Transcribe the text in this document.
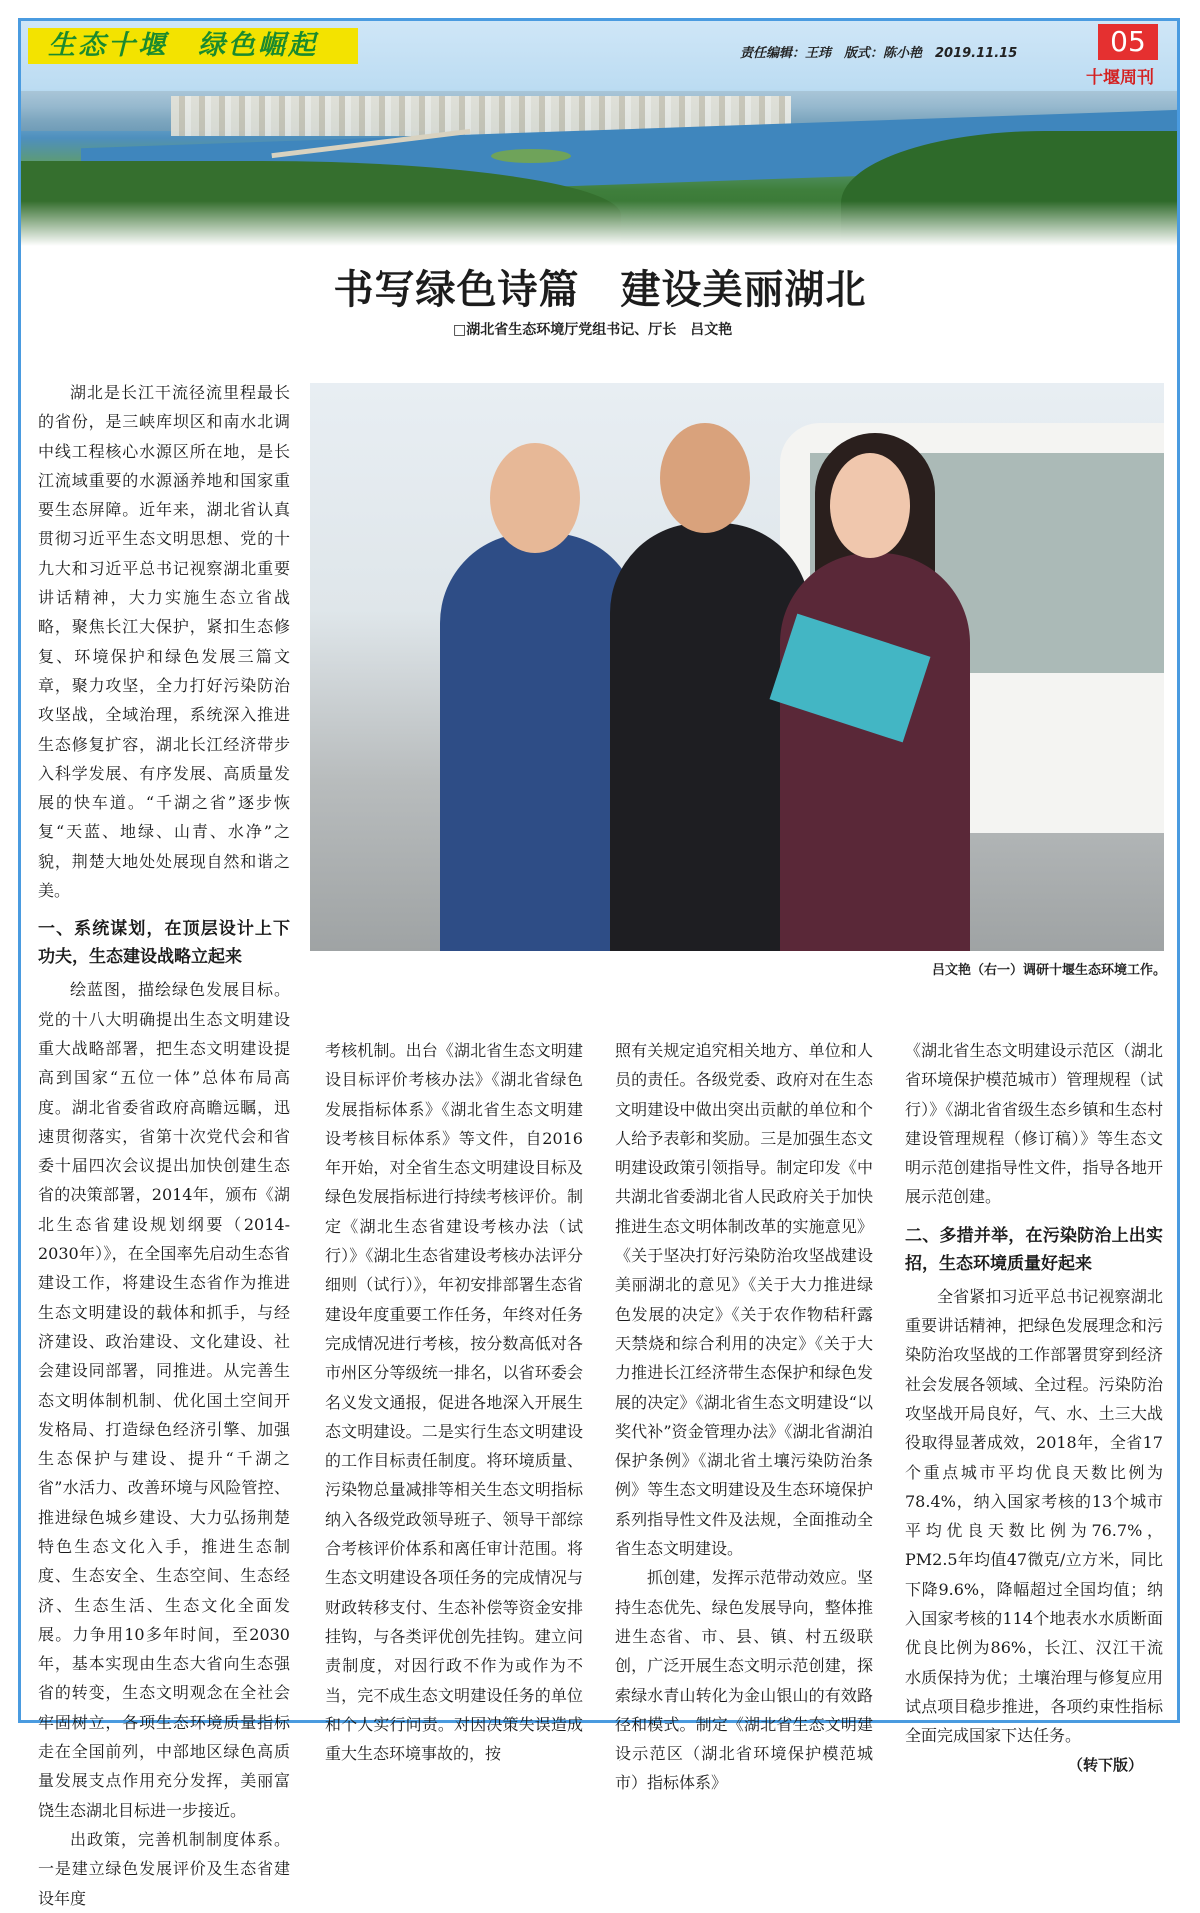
生态十堰　绿色崛起	责任编辑：王玮　版式：陈小艳　2019.11.15	05
十堰周刊
书写绿色诗篇　建设美丽湖北
□湖北省生态环境厅党组书记、厅长　吕文艳
吕文艳（右一）调研十堰生态环境工作。

湖北是长江干流径流里程最长的省份，是三峡库坝区和南水北调中线工程核心水源区所在地，是长江流域重要的水源涵养地和国家重要生态屏障。近年来，湖北省认真贯彻习近平生态文明思想、党的十九大和习近平总书记视察湖北重要讲话精神，大力实施生态立省战略，聚焦长江大保护，紧扣生态修复、环境保护和绿色发展三篇文章，聚力攻坚，全力打好污染防治攻坚战，全域治理，系统深入推进生态修复扩容，湖北长江经济带步入科学发展、有序发展、高质量发展的快车道。“千湖之省”逐步恢复“天蓝、地绿、山青、水净”之貌，荆楚大地处处展现自然和谐之美。

一、系统谋划，在顶层设计上下功夫，生态建设战略立起来

绘蓝图，描绘绿色发展目标。党的十八大明确提出生态文明建设重大战略部署，把生态文明建设提高到国家“五位一体”总体布局高度。湖北省委省政府高瞻远瞩，迅速贯彻落实，省第十次党代会和省委十届四次会议提出加快创建生态省的决策部署，2014年，颁布《湖北生态省建设规划纲要（2014-2030年）》，在全国率先启动生态省建设工作，将建设生态省作为推进生态文明建设的载体和抓手，与经济建设、政治建设、文化建设、社会建设同部署，同推进。从完善生态文明体制机制、优化国土空间开发格局、打造绿色经济引擎、加强生态保护与建设、提升“千湖之省”水活力、改善环境与风险管控、推进绿色城乡建设、大力弘扬荆楚特色生态文化入手，推进生态制度、生态安全、生态空间、生态经济、生态生活、生态文化全面发展。力争用10多年时间，至2030年，基本实现由生态大省向生态强省的转变，生态文明观念在全社会牢固树立，各项生态环境质量指标走在全国前列，中部地区绿色高质量发展支点作用充分发挥，美丽富饶生态湖北目标进一步接近。

出政策，完善机制制度体系。一是建立绿色发展评价及生态省建设年度

考核机制。出台《湖北省生态文明建设目标评价考核办法》《湖北省绿色发展指标体系》《湖北省生态文明建设考核目标体系》等文件，自2016年开始，对全省生态文明建设目标及绿色发展指标进行持续考核评价。制定《湖北生态省建设考核办法（试行）》《湖北生态省建设考核办法评分细则（试行）》，年初安排部署生态省建设年度重要工作任务，年终对任务完成情况进行考核，按分数高低对各市州区分等级统一排名，以省环委会名义发文通报，促进各地深入开展生态文明建设。二是实行生态文明建设的工作目标责任制度。将环境质量、污染物总量减排等相关生态文明指标纳入各级党政领导班子、领导干部综合考核评价体系和离任审计范围。将生态文明建设各项任务的完成情况与财政转移支付、生态补偿等资金安排挂钩，与各类评优创先挂钩。建立问责制度，对因行政不作为或作为不当，完不成生态文明建设任务的单位和个人实行问责。对因决策失误造成重大生态环境事故的，按

照有关规定追究相关地方、单位和人员的责任。各级党委、政府对在生态文明建设中做出突出贡献的单位和个人给予表彰和奖励。三是加强生态文明建设政策引领指导。制定印发《中共湖北省委湖北省人民政府关于加快推进生态文明体制改革的实施意见》《关于坚决打好污染防治攻坚战建设美丽湖北的意见》《关于大力推进绿色发展的决定》《关于农作物秸秆露天禁烧和综合利用的决定》《关于大力推进长江经济带生态保护和绿色发展的决定》《湖北省生态文明建设“以奖代补”资金管理办法》《湖北省湖泊保护条例》《湖北省土壤污染防治条例》等生态文明建设及生态环境保护系列指导性文件及法规，全面推动全省生态文明建设。

抓创建，发挥示范带动效应。坚持生态优先、绿色发展导向，整体推进生态省、市、县、镇、村五级联创，广泛开展生态文明示范创建，探索绿水青山转化为金山银山的有效路径和模式。制定《湖北省生态文明建设示范区（湖北省环境保护模范城市）指标体系》

《湖北省生态文明建设示范区（湖北省环境保护模范城市）管理规程（试行）》《湖北省省级生态乡镇和生态村建设管理规程（修订稿）》等生态文明示范创建指导性文件，指导各地开展示范创建。

二、多措并举，在污染防治上出实招，生态环境质量好起来

全省紧扣习近平总书记视察湖北重要讲话精神，把绿色发展理念和污染防治攻坚战的工作部署贯穿到经济社会发展各领域、全过程。污染防治攻坚战开局良好，气、水、土三大战役取得显著成效，2018年，全省17个重点城市平均优良天数比例为78.4%，纳入国家考核的13个城市平均优良天数比例为76.7%，PM2.5年均值47微克/立方米，同比下降9.6%，降幅超过全国均值；纳入国家考核的114个地表水水质断面优良比例为86%，长江、汉江干流水质保持为优；土壤治理与修复应用试点项目稳步推进，各项约束性指标全面完成国家下达任务。

（转下版）
